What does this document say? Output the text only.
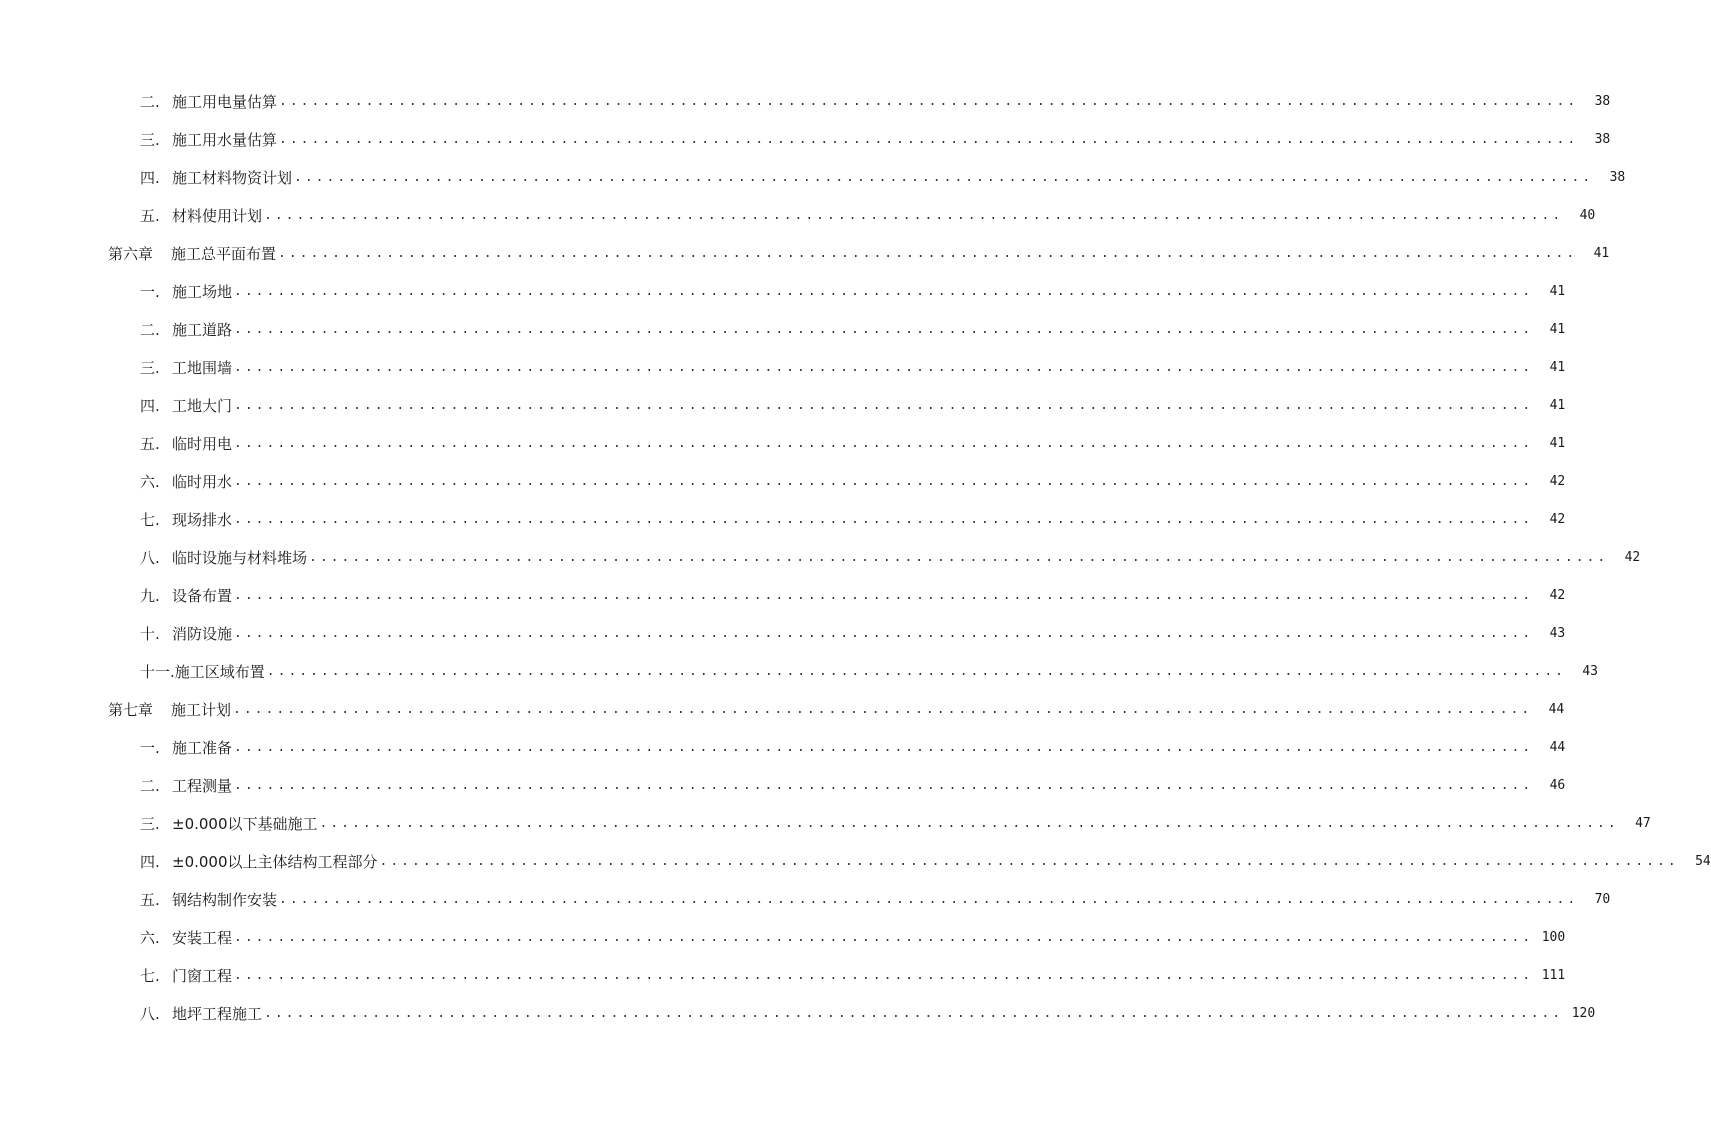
二. 施工用电量估算 ........................................................................................................................	38
三. 施工用水量估算 ........................................................................................................................	38
四. 施工材料物资计划 ........................................................................................................................	38
五. 材料使用计划 ........................................................................................................................	40
第六章	施工总平面布置 ........................................................................................................................	41
一. 施工场地 ........................................................................................................................	41
二. 施工道路 ........................................................................................................................	41
三. 工地围墙 ........................................................................................................................	41
四. 工地大门 ........................................................................................................................	41
五. 临时用电 ........................................................................................................................	41
六. 临时用水 ........................................................................................................................	42
七. 现场排水 ........................................................................................................................	42
八. 临时设施与材料堆场 ........................................................................................................................	42
九. 设备布置 ........................................................................................................................	42
十. 消防设施 ........................................................................................................................	43
十一. 施工区域布置 ........................................................................................................................	43
第七章	施工计划 ........................................................................................................................	44
一. 施工准备 ........................................................................................................................	44
二. 工程测量 ........................................................................................................................	46
三. ±0.000以下基础施工 ........................................................................................................................	47
四. ±0.000以上主体结构工程部分 ........................................................................................................................	54
五. 钢结构制作安装 ........................................................................................................................	70
六. 安装工程 ........................................................................................................................ 100
七. 门窗工程 ........................................................................................................................ 111
八. 地坪工程施工 ........................................................................................................................ 120
